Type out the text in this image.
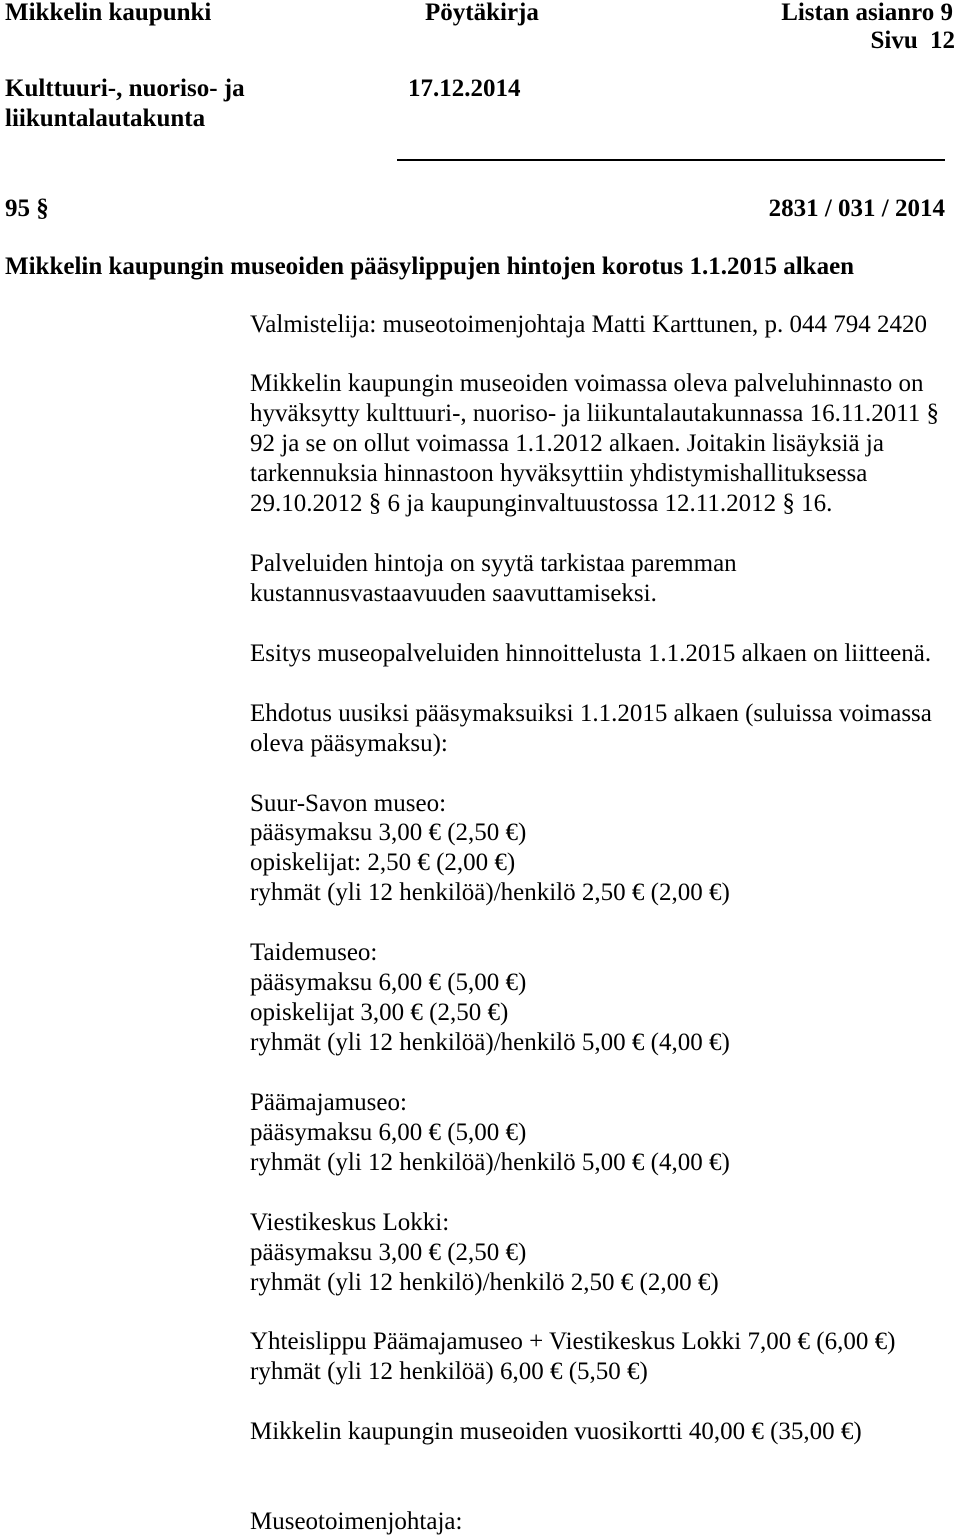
Mikkelin kaupunki	Pöytäkirja	Listan asianro 9
Sivu 12
Kulttuuri-, nuoriso- ja	17.12.2014
liikuntalautakunta
95 §	2831 / 031 / 2014
Mikkelin kaupungin museoiden pääsylippujen hintojen korotus 1.1.2015 alkaen
Valmistelija: museotoimenjohtaja Matti Karttunen, p. 044 794 2420
Mikkelin kaupungin museoiden voimassa oleva palveluhinnasto on
hyväksytty kulttuuri-, nuoriso- ja liikuntalautakunnassa 16.11.2011 §
92 ja se on ollut voimassa 1.1.2012 alkaen. Joitakin lisäyksiä ja
tarkennuksia hinnastoon hyväksyttiin yhdistymishallituksessa
29.10.2012 § 6 ja kaupunginvaltuustossa 12.11.2012 § 16.
Palveluiden hintoja on syytä tarkistaa paremman
kustannusvastaavuuden saavuttamiseksi.
Esitys museopalveluiden hinnoittelusta 1.1.2015 alkaen on liitteenä.
Ehdotus uusiksi pääsymaksuiksi 1.1.2015 alkaen (suluissa voimassa
oleva pääsymaksu):
Suur-Savon museo:
pääsymaksu 3,00 € (2,50 €)
opiskelijat: 2,50 € (2,00 €)
ryhmät (yli 12 henkilöä)/henkilö 2,50 € (2,00 €)
Taidemuseo:
pääsymaksu 6,00 € (5,00 €)
opiskelijat 3,00 € (2,50 €)
ryhmät (yli 12 henkilöä)/henkilö 5,00 € (4,00 €)
Päämajamuseo:
pääsymaksu 6,00 € (5,00 €)
ryhmät (yli 12 henkilöä)/henkilö 5,00 € (4,00 €)
Viestikeskus Lokki:
pääsymaksu 3,00 € (2,50 €)
ryhmät (yli 12 henkilö)/henkilö 2,50 € (2,00 €)
Yhteislippu Päämajamuseo + Viestikeskus Lokki 7,00 € (6,00 €)
ryhmät (yli 12 henkilöä) 6,00 € (5,50 €)
Mikkelin kaupungin museoiden vuosikortti 40,00 € (35,00 €)
Museotoimenjohtaja:
